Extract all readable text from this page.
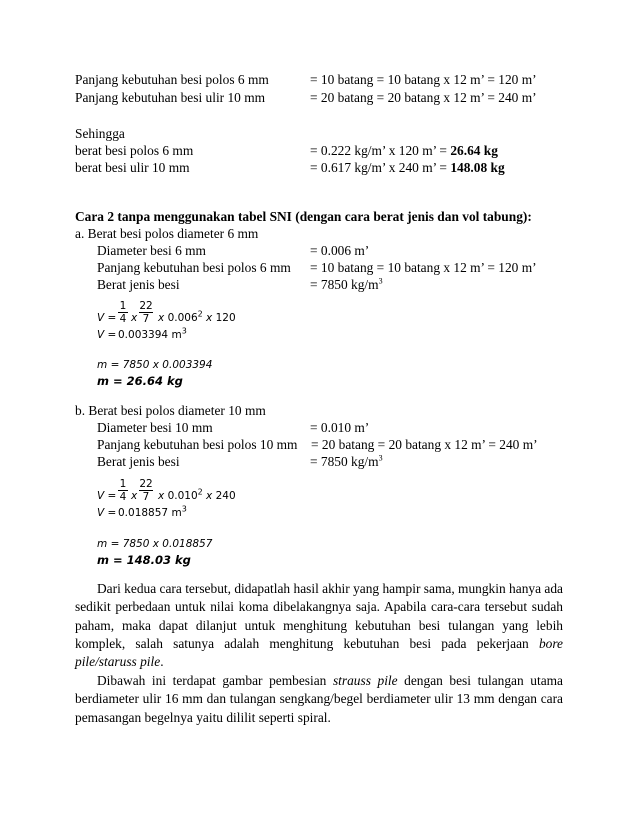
Panjang kebutuhan besi polos 6 mm	= 10 batang = 10 batang x 12 m’ = 120 m’
Panjang kebutuhan besi ulir 10 mm	= 20 batang = 20 batang x 12 m’ = 240 m’
Sehingga
berat besi polos 6 mm	= 0.222 kg/m’ x 120 m’ = 26.64 kg
berat besi ulir 10 mm	= 0.617 kg/m’ x 240 m’ = 148.08 kg
Cara 2 tanpa menggunakan tabel SNI (dengan cara berat jenis dan vol tabung):
a. Berat besi polos diameter 6 mm
Diameter besi 6 mm	= 0.006 m’
Panjang kebutuhan besi polos 6 mm = 10 batang = 10 batang x 12 m’ = 120 m’
Berat jenis besi	= 7850 $kg/m^3$
V =
1
4 x
22
7 x 0.006$^2$ x 120
V = 0.003394 $m^3$
m = 7850 x 0.003394
m = 26.64 kg
b. Berat besi polos diameter 10 mm
Diameter besi 10 mm	= 0.010 m’
Panjang kebutuhan besi polos 10 mm = 20 batang = 20 batang x 12 m’ = 240 m’
Berat jenis besi	= 7850 $kg/m^3$
V =
1
4 x
22
7 x 0.010$^2$ x 240
V = 0.018857 $m^3$
m = 7850 x 0.018857
m = 148.03 kg
Dari kedua cara tersebut, didapatlah hasil akhir yang hampir sama, mungkin hanya ada sedikit perbedaan untuk nilai koma dibelakangnya saja. Apabila cara-cara tersebut sudah paham, maka dapat dilanjut untuk menghitung kebutuhan besi tulangan yang lebih komplek, salah satunya adalah menghitung kebutuhan besi pada pekerjaan bore pile/staruss pile.
Dibawah ini terdapat gambar pembesian strauss pile dengan besi tulangan utama berdiameter ulir 16 mm dan tulangan sengkang/begel berdiameter ulir 13 mm dengan cara pemasangan begelnya yaitu dililit seperti spiral.
